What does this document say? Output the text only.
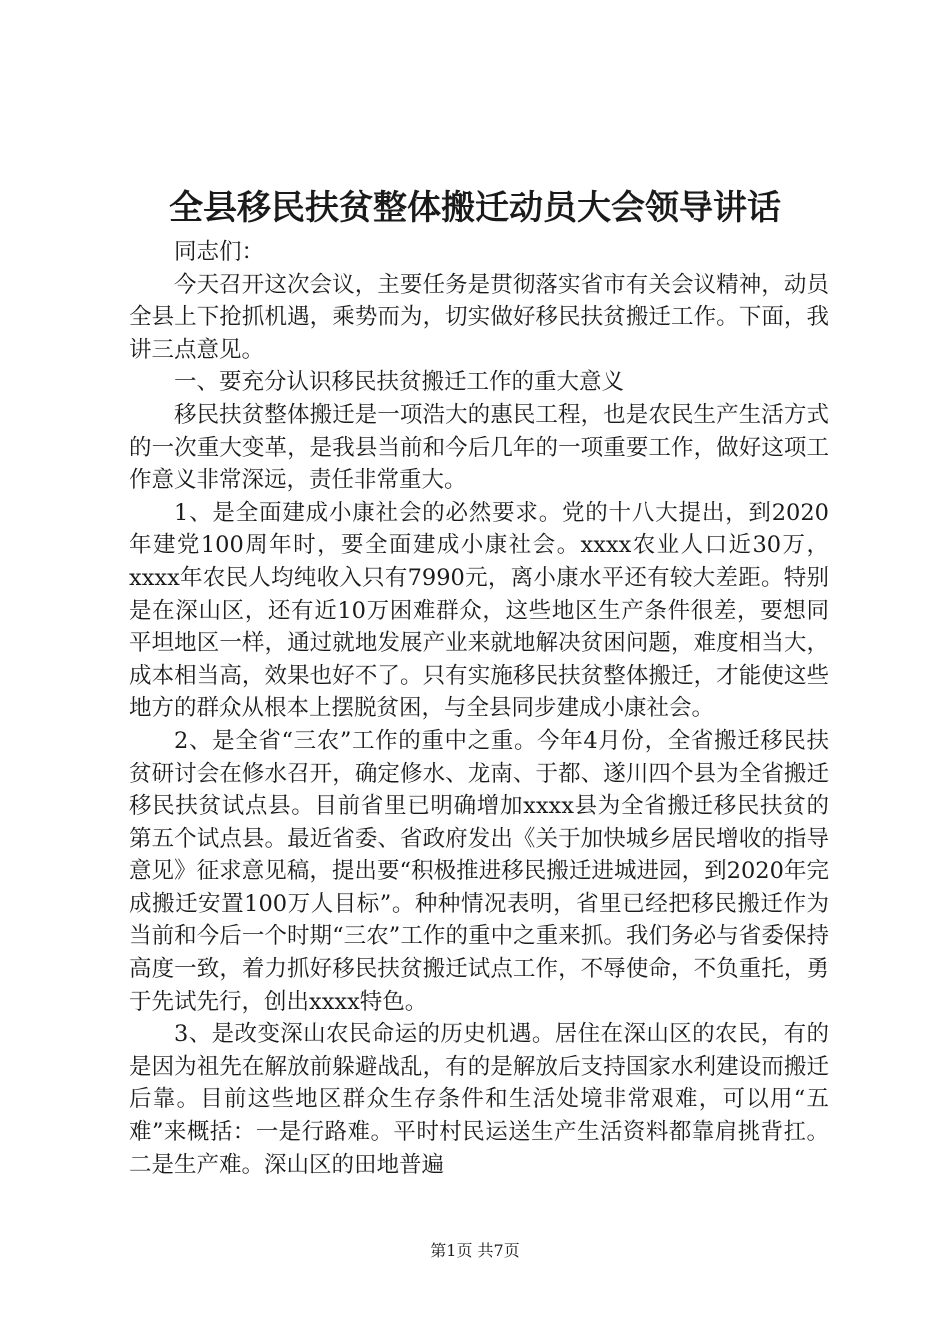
全县移民扶贫整体搬迁动员大会领导讲话

同志们：

今天召开这次会议，主要任务是贯彻落实省市有关会议精神，动员全县上下抢抓机遇，乘势而为，切实做好移民扶贫搬迁工作。下面，我讲三点意见。

一、要充分认识移民扶贫搬迁工作的重大意义

移民扶贫整体搬迁是一项浩大的惠民工程，也是农民生产生活方式的一次重大变革，是我县当前和今后几年的一项重要工作，做好这项工作意义非常深远，责任非常重大。

1、是全面建成小康社会的必然要求。党的十八大提出，到2020年建党100周年时，要全面建成小康社会。xxxx农业人口近30万，xxxx年农民人均纯收入只有7990元，离小康水平还有较大差距。特别是在深山区，还有近10万困难群众，这些地区生产条件很差，要想同平坦地区一样，通过就地发展产业来就地解决贫困问题，难度相当大，成本相当高，效果也好不了。只有实施移民扶贫整体搬迁，才能使这些地方的群众从根本上摆脱贫困，与全县同步建成小康社会。

2、是全省“三农”工作的重中之重。今年4月份，全省搬迁移民扶贫研讨会在修水召开，确定修水、龙南、于都、遂川四个县为全省搬迁移民扶贫试点县。目前省里已明确增加xxxx县为全省搬迁移民扶贫的第五个试点县。最近省委、省政府发出《关于加快城乡居民增收的指导意见》征求意见稿，提出要“积极推进移民搬迁进城进园，到2020年完成搬迁安置100万人目标”。种种情况表明，省里已经把移民搬迁作为当前和今后一个时期“三农”工作的重中之重来抓。我们务必与省委保持高度一致，着力抓好移民扶贫搬迁试点工作，不辱使命，不负重托，勇于先试先行，创出xxxx特色。

3、是改变深山农民命运的历史机遇。居住在深山区的农民，有的是因为祖先在解放前躲避战乱，有的是解放后支持国家水利建设而搬迁后靠。目前这些地区群众生存条件和生活处境非常艰难，可以用“五难”来概括：一是行路难。平时村民运送生产生活资料都靠肩挑背扛。二是生产难。深山区的田地普遍

第1页 共7页
